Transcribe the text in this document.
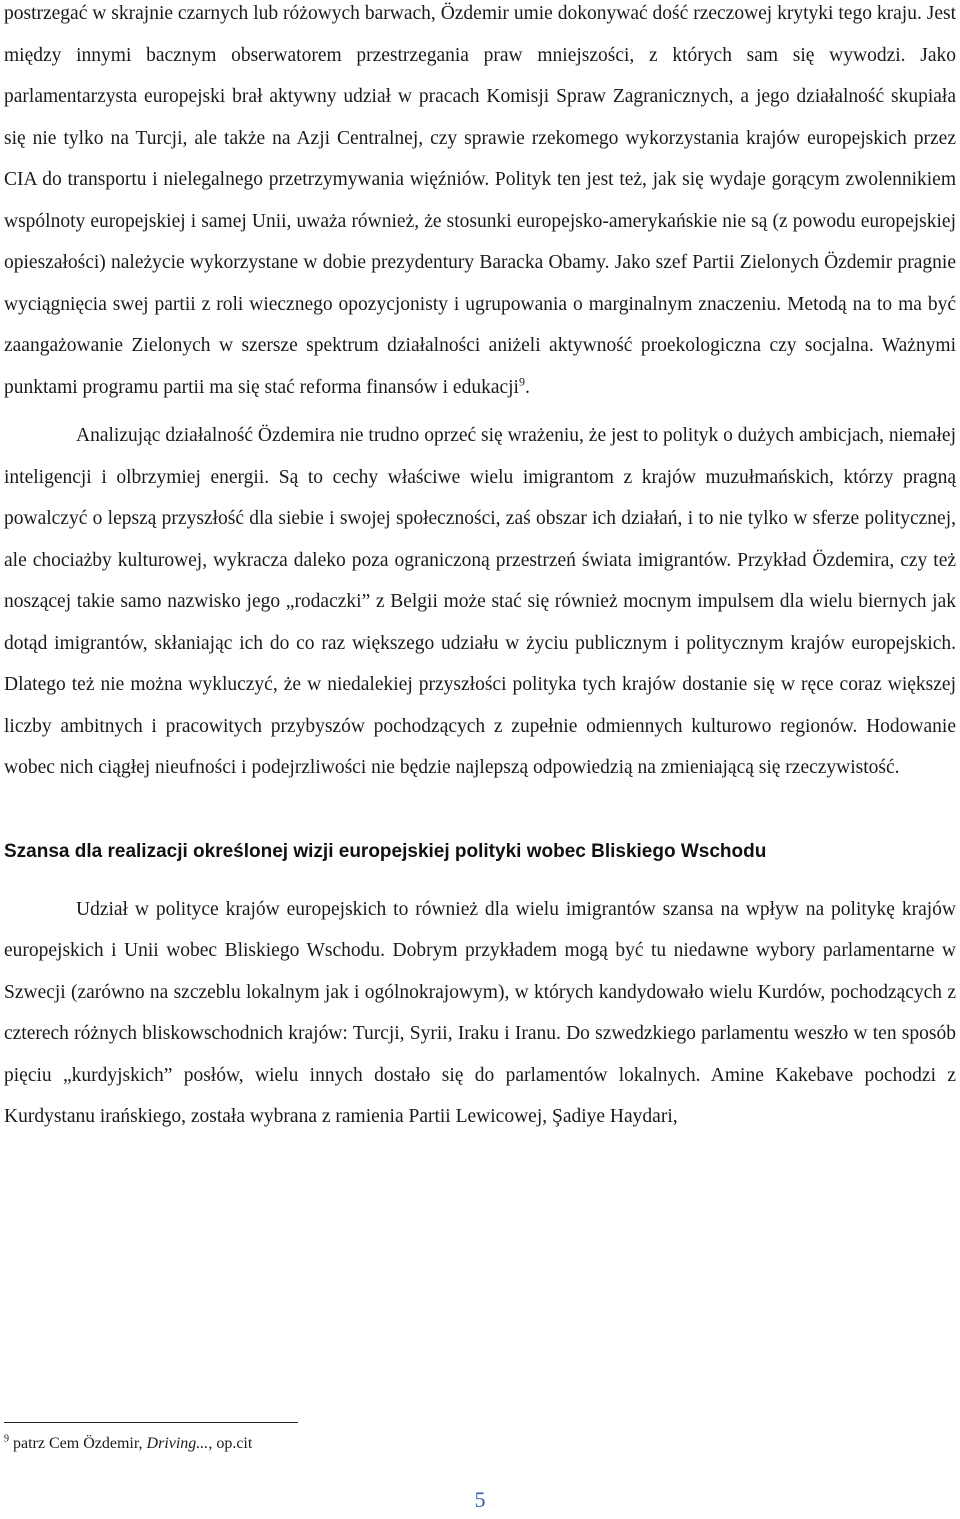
postrzegać w skrajnie czarnych lub różowych barwach, Özdemir umie dokonywać dość rzeczowej krytyki tego kraju. Jest między innymi bacznym obserwatorem przestrzegania praw mniejszości, z których sam się wywodzi. Jako parlamentarzysta europejski brał aktywny udział w pracach Komisji Spraw Zagranicznych, a jego działalność skupiała się nie tylko na Turcji, ale także na Azji Centralnej, czy sprawie rzekomego wykorzystania krajów europejskich przez CIA do transportu i nielegalnego przetrzymywania więźniów. Polityk ten jest też, jak się wydaje gorącym zwolennikiem wspólnoty europejskiej i samej Unii, uważa również, że stosunki europejsko-amerykańskie nie są (z powodu europejskiej opieszałości) należycie wykorzystane w dobie prezydentury Baracka Obamy. Jako szef Partii Zielonych Özdemir pragnie wyciągnięcia swej partii z roli wiecznego opozycjonisty i ugrupowania o marginalnym znaczeniu. Metodą na to ma być zaangażowanie Zielonych w szersze spektrum działalności aniżeli aktywność proekologiczna czy socjalna. Ważnymi punktami programu partii ma się stać reforma finansów i edukacji$^9$.

Analizując działalność Özdemira nie trudno oprzeć się wrażeniu, że jest to polityk o dużych ambicjach, niemałej inteligencji i olbrzymiej energii. Są to cechy właściwe wielu imigrantom z krajów muzułmańskich, którzy pragną powalczyć o lepszą przyszłość dla siebie i swojej społeczności, zaś obszar ich działań, i to nie tylko w sferze politycznej, ale chociażby kulturowej, wykracza daleko poza ograniczoną przestrzeń świata imigrantów. Przykład Özdemira, czy też noszącej takie samo nazwisko jego „rodaczki” z Belgii może stać się również mocnym impulsem dla wielu biernych jak dotąd imigrantów, skłaniając ich do co raz większego udziału w życiu publicznym i politycznym krajów europejskich. Dlatego też nie można wykluczyć, że w niedalekiej przyszłości polityka tych krajów dostanie się w ręce coraz większej liczby ambitnych i pracowitych przybyszów pochodzących z zupełnie odmiennych kulturowo regionów. Hodowanie wobec nich ciągłej nieufności i podejrzliwości nie będzie najlepszą odpowiedzią na zmieniającą się rzeczywistość.

Szansa dla realizacji określonej wizji europejskiej polityki wobec Bliskiego Wschodu

Udział w polityce krajów europejskich to również dla wielu imigrantów szansa na wpływ na politykę krajów europejskich i Unii wobec Bliskiego Wschodu. Dobrym przykładem mogą być tu niedawne wybory parlamentarne w Szwecji (zarówno na szczeblu lokalnym jak i ogólnokrajowym), w których kandydowało wielu Kurdów, pochodzących z czterech różnych bliskowschodnich krajów: Turcji, Syrii, Iraku i Iranu. Do szwedzkiego parlamentu weszło w ten sposób pięciu „kurdyjskich” posłów, wielu innych dostało się do parlamentów lokalnych. Amine Kakebave pochodzi z Kurdystanu irańskiego, została wybrana z ramienia Partii Lewicowej, Şadiye Haydari,

$^9$ patrz Cem Özdemir, Driving..., op.cit
5
